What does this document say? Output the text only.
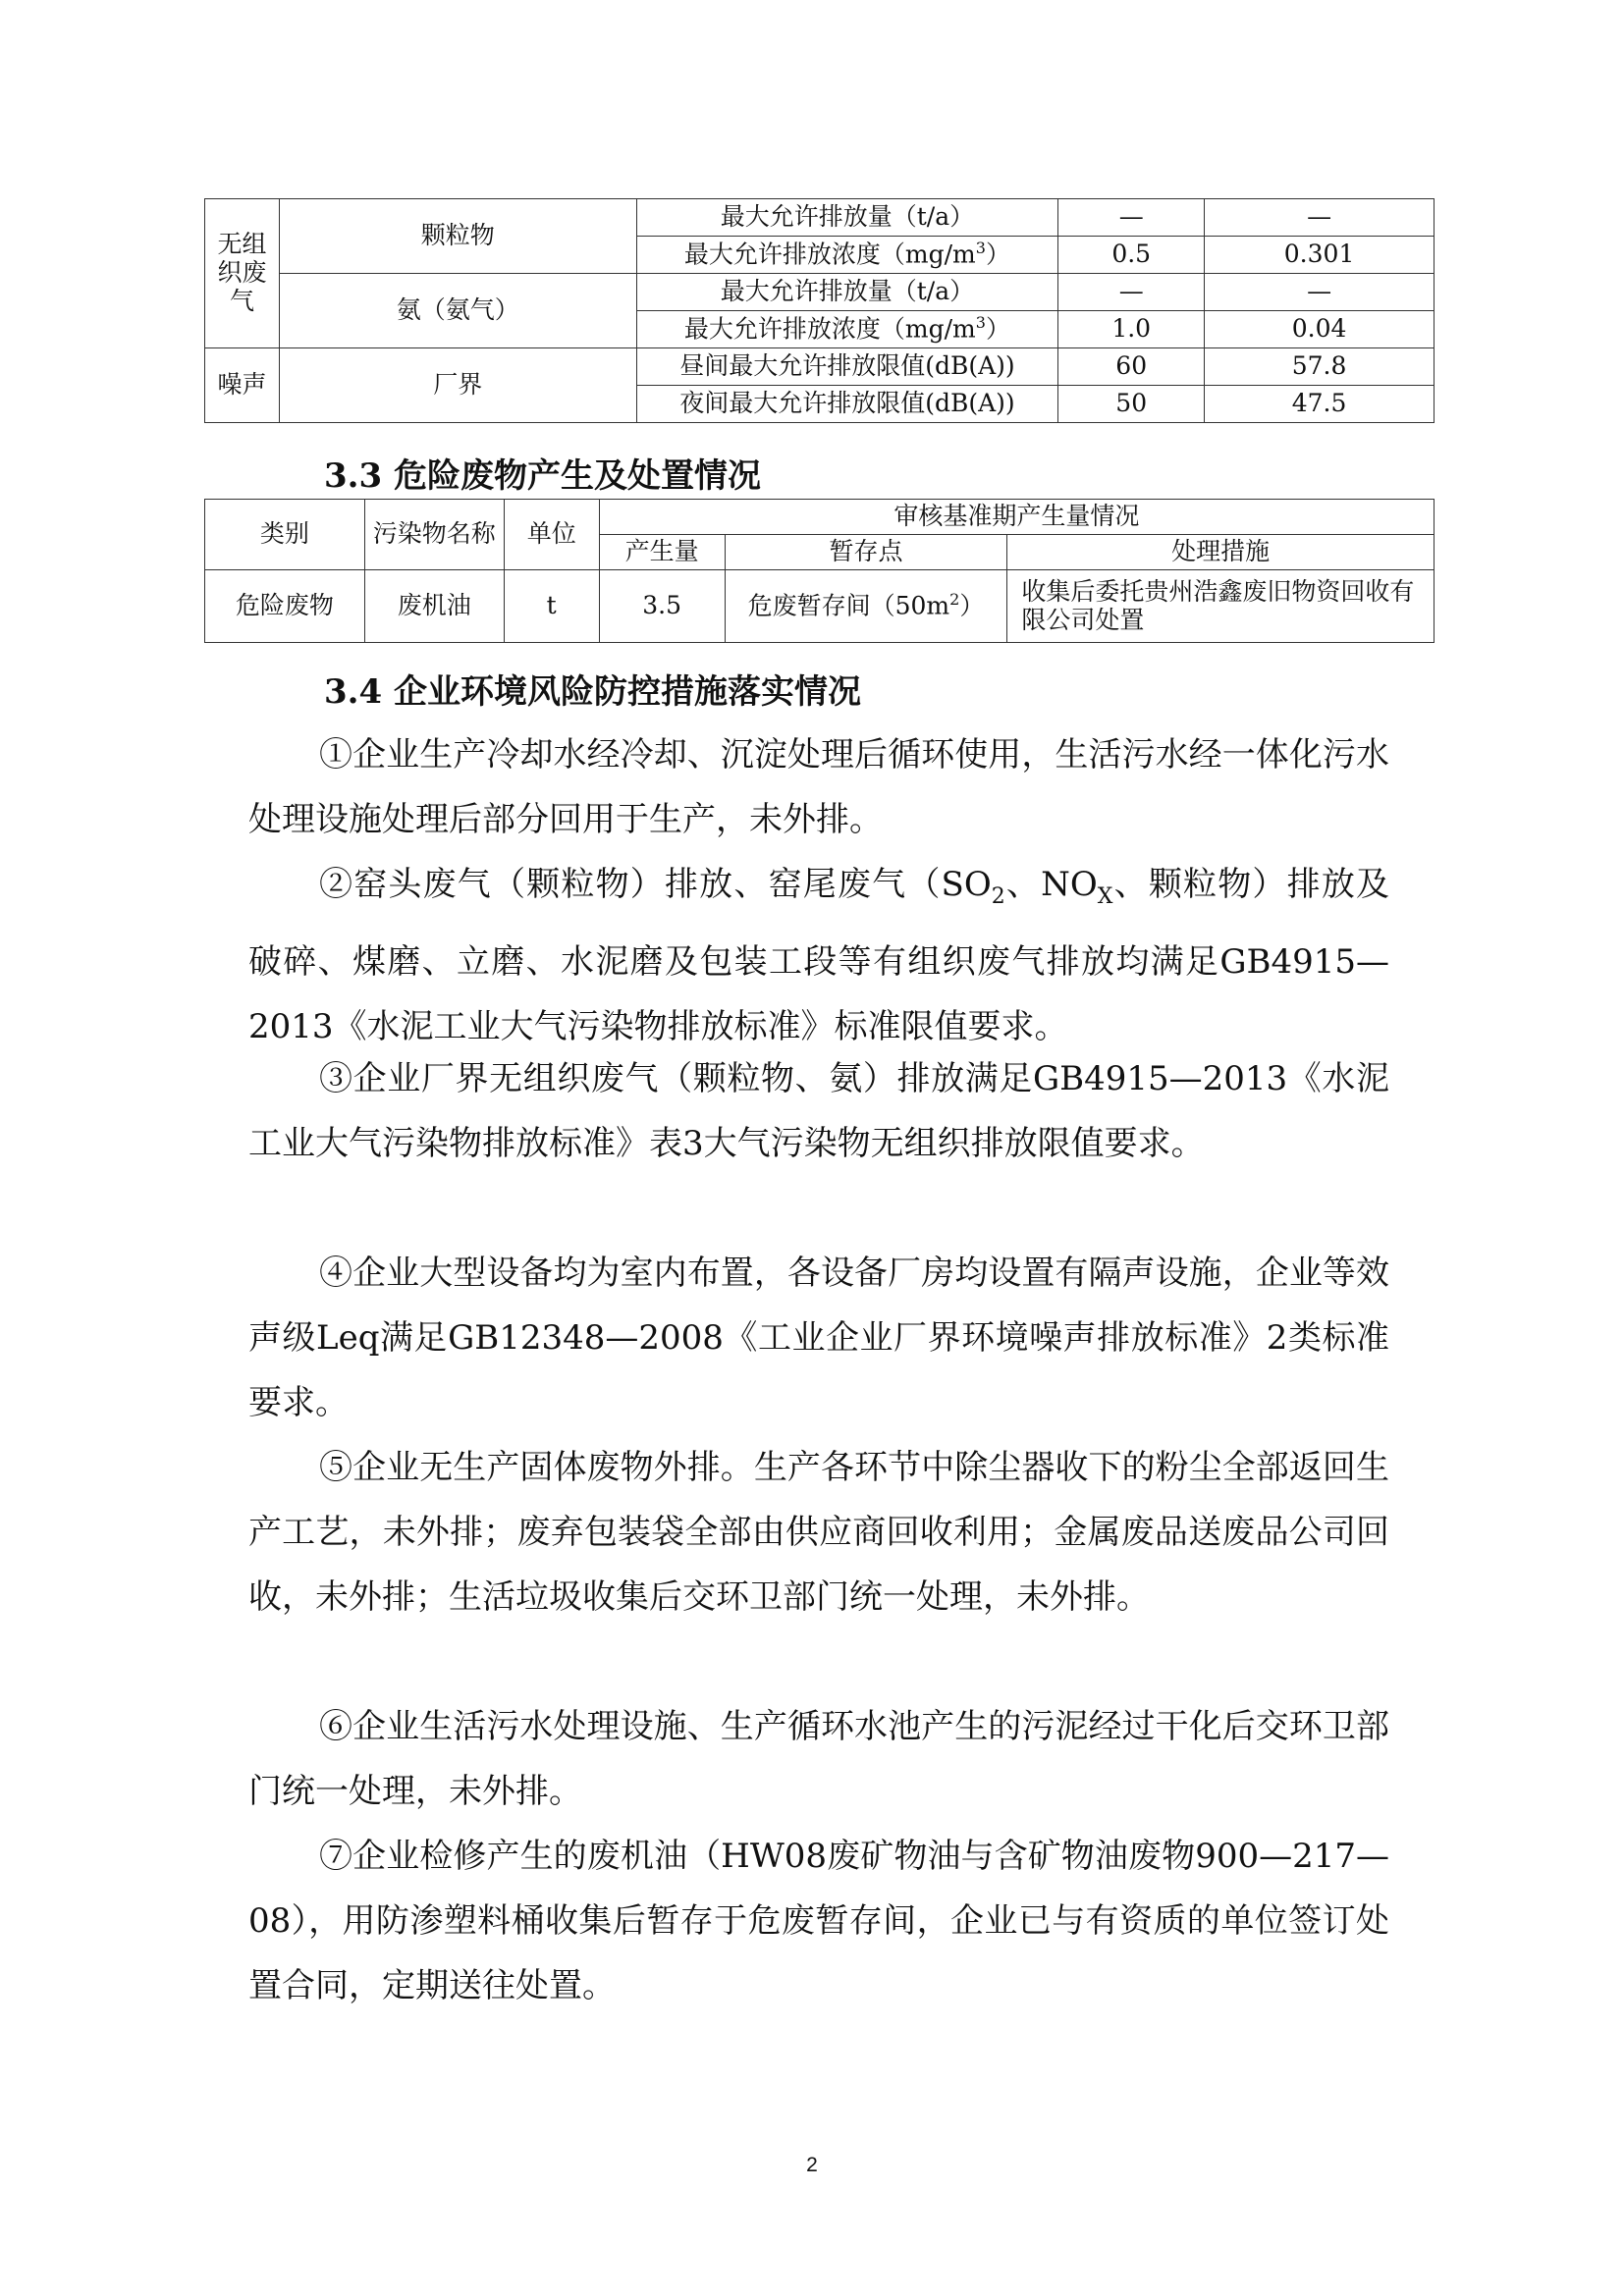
无组织废气	颗粒物	最大允许排放量（t/a）	—	—
		最大允许排放浓度$(mg/m^3)$	0.5	0.301
	氨（氨气）	最大允许排放量（t/a）	—	—
		最大允许排放浓度$(mg/m^3)$	1.0	0.04
噪声	厂界	昼间最大允许排放限值(dB(A))	60	57.8
		夜间最大允许排放限值(dB(A))	50	47.5
3.3 危险废物产生及处置情况
类别	污染物名称	单位	审核基准期产生量情况		
			产生量	暂存点	处理措施
危险废物	废机油	t	3.5	危废暂存间$(50m^2)$	收集后委托贵州浩鑫废旧物资回收有限公司处置
3.4 企业环境风险防控措施落实情况

①企业生产冷却水经冷却、沉淀处理后循环使用，生活污水经一体化污水处理设施处理后部分回用于生产，未外排。

②窑头废气（颗粒物）排放、窑尾废气（$SO_2$、$NO_X$、颗粒物）排放及破碎、煤磨、立磨、水泥磨及包装工段等有组织废气排放均满足GB4915—2013《水泥工业大气污染物排放标准》标准限值要求。

③企业厂界无组织废气（颗粒物、氨）排放满足GB4915—2013《水泥工业大气污染物排放标准》表3大气污染物无组织排放限值要求。

④企业大型设备均为室内布置，各设备厂房均设置有隔声设施，企业等效声级Leq满足GB12348—2008《工业企业厂界环境噪声排放标准》2类标准要求。

⑤企业无生产固体废物外排。生产各环节中除尘器收下的粉尘全部返回生产工艺，未外排；废弃包装袋全部由供应商回收利用；金属废品送废品公司回收，未外排；生活垃圾收集后交环卫部门统一处理，未外排。

⑥企业生活污水处理设施、生产循环水池产生的污泥经过干化后交环卫部门统一处理，未外排。

⑦企业检修产生的废机油（HW08废矿物油与含矿物油废物900—217—08），用防渗塑料桶收集后暂存于危废暂存间，企业已与有资质的单位签订处置合同，定期送往处置。

2
